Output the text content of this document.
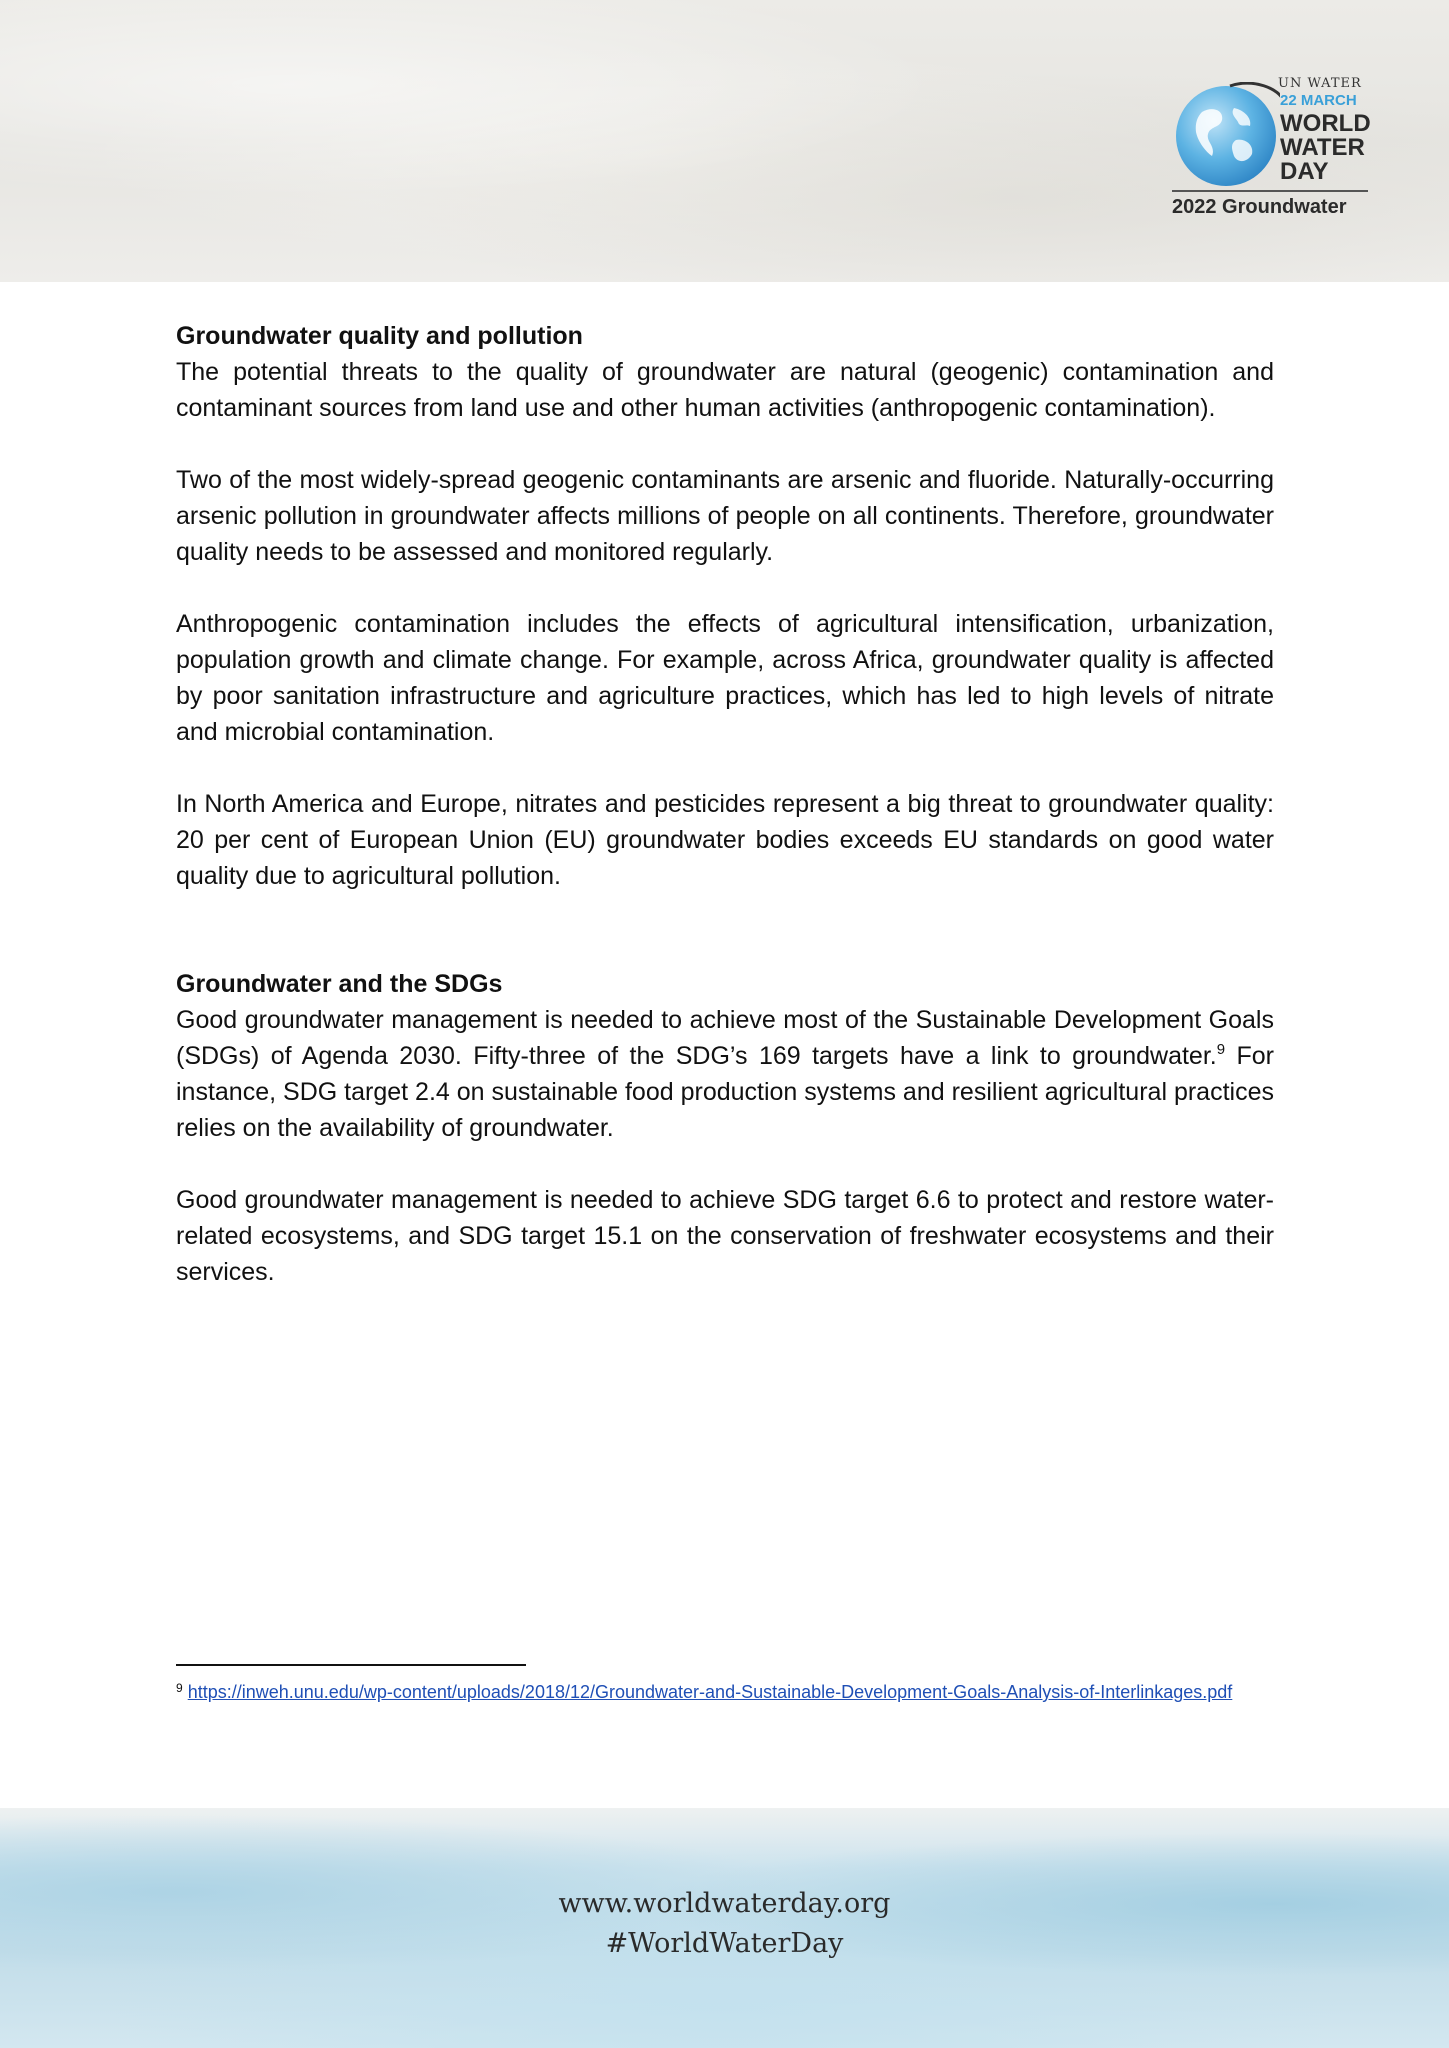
UN WATER
22 MARCH
WORLD
WATER
DAY
2022 Groundwater

Groundwater quality and pollution

The potential threats to the quality of groundwater are natural (geogenic) contamination and contaminant sources from land use and other human activities (anthropogenic contamination).

Two of the most widely-spread geogenic contaminants are arsenic and fluoride. Naturally-occurring arsenic pollution in groundwater affects millions of people on all continents. Therefore, groundwater quality needs to be assessed and monitored regularly.

Anthropogenic contamination includes the effects of agricultural intensification, urbanization, population growth and climate change. For example, across Africa, groundwater quality is affected by poor sanitation infrastructure and agriculture practices, which has led to high levels of nitrate and microbial contamination.

In North America and Europe, nitrates and pesticides represent a big threat to groundwater quality: 20 per cent of European Union (EU) groundwater bodies exceeds EU standards on good water quality due to agricultural pollution.

Groundwater and the SDGs

Good groundwater management is needed to achieve most of the Sustainable Development Goals (SDGs) of Agenda 2030. Fifty-three of the SDG’s 169 targets have a link to groundwater.$^9$ For instance, SDG target 2.4 on sustainable food production systems and resilient agricultural practices relies on the availability of groundwater.

Good groundwater management is needed to achieve SDG target 6.6 to protect and restore water-related ecosystems, and SDG target 15.1 on the conservation of freshwater ecosystems and their services.

$^9$ https://inweh.unu.edu/wp-content/uploads/2018/12/Groundwater-and-Sustainable-Development-Goals-Analysis-of-Interlinkages.pdf
www.worldwaterday.org
#WorldWaterDay
